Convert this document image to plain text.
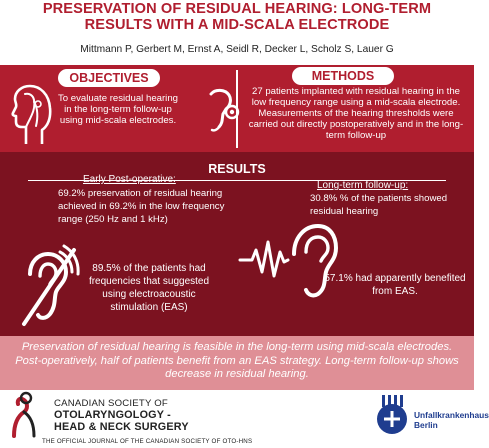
PRESERVATION OF RESIDUAL HEARING: LONG-TERM
RESULTS WITH A MID-SCALA ELECTRODE
Mittmann P, Gerbert M, Ernst A, Seidl R, Decker L, Scholz S, Lauer G
OBJECTIVES
To evaluate residual hearing in the long-term follow-up using mid-scala electrodes.
METHODS
27 patients implanted with residual hearing in the low frequency range using a mid-scala electrode. Measurements of the hearing thresholds were carried out directly postoperatively and in the long-term follow-up
RESULTS
69.2% preservation of residual hearing achieved in 69.2% in the low frequency range (250 Hz and 1 kHz)
Long-term follow-up:
30.8% % of the patients showed residual hearing
89.5% of the patients had frequencies that suggested using electroacoustic stimulation (EAS)
57.1% had apparently benefited from EAS.
Preservation of residual hearing is feasible in the long-term using mid-scala electrodes. Post-operatively, half of patients benefit from an EAS strategy. Long-term follow-up shows decrease in residual hearing.
CANADIAN SOCIETY OF
OTOLARYNGOLOGY -
HEAD & NECK SURGERY
THE OFFICIAL JOURNAL OF THE CANADIAN SOCIETY OF OTO-HNS
Unfallkrankenhaus
Berlin
